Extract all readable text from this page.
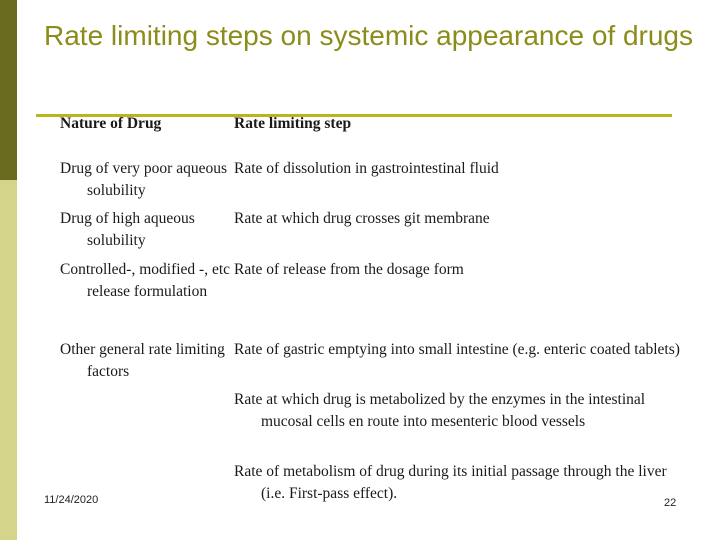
Rate limiting steps on systemic appearance of drugs
Nature of Drug	Rate limiting step
Drug of very poor aqueous solubility
Rate of dissolution in gastrointestinal fluid
Drug of high aqueous solubility
Rate at which drug crosses git membrane
Controlled-, modified -, etc release formulation
Rate of release from the dosage form
Other general rate limiting factors
Rate of gastric emptying into small intestine (e.g. enteric coated tablets)
Rate at which drug is metabolized by the enzymes in the intestinal mucosal cells en route into mesenteric blood vessels
Rate of metabolism of drug during its initial passage through the liver (i.e. First-pass effect).
11/24/2020	22
